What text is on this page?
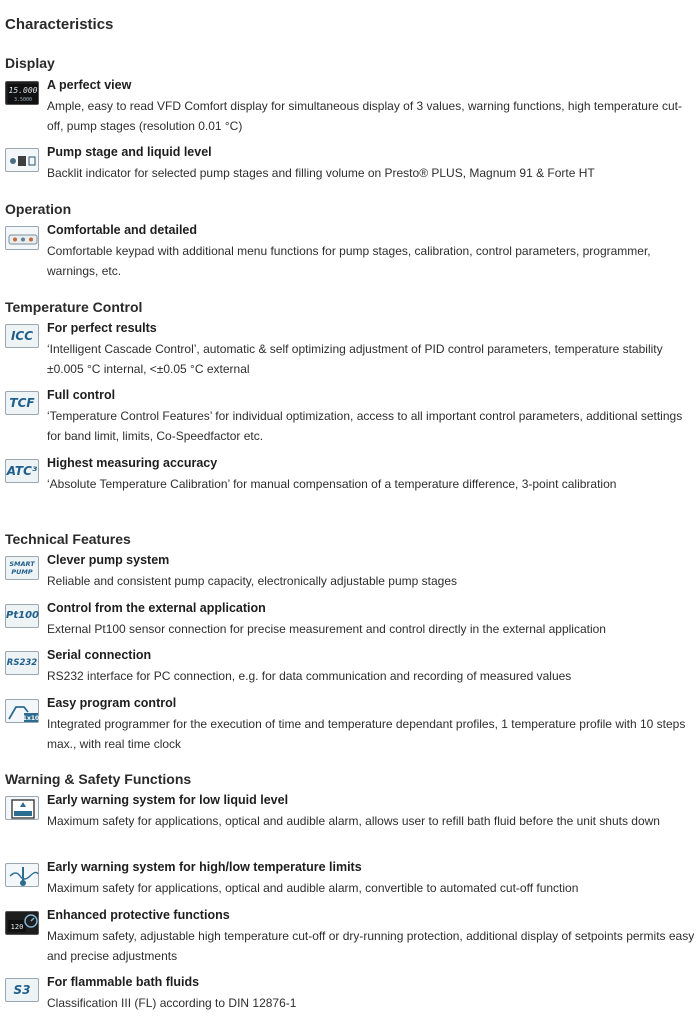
Characteristics
Display
15.000
3.5000
A perfect view
Ample, easy to read VFD Comfort display for simultaneous display of 3 values, warning functions, high temperature cut-off, pump stages (resolution 0.01 °C)
Pump stage and liquid level
Backlit indicator for selected pump stages and filling volume on Presto® PLUS, Magnum 91 & Forte HT
Operation
Comfortable and detailed
Comfortable keypad with additional menu functions for pump stages, calibration, control parameters, programmer, warnings, etc.
Temperature Control
ICC
For perfect results
‘Intelligent Cascade Control’, automatic & self optimizing adjustment of PID control parameters, temperature stability ±0.005 °C internal, <±0.05 °C external
TCF
Full control
‘Temperature Control Features’ for individual optimization, access to all important control parameters, additional settings for band limit, limits, Co-Speedfactor etc.
ATC³
Highest measuring accuracy
‘Absolute Temperature Calibration’ for manual compensation of a temperature difference, 3-point calibration
Technical Features
SMART PUMP
Clever pump system
Reliable and consistent pump capacity, electronically adjustable pump stages
Pt100
Control from the external application
External Pt100 sensor connection for precise measurement and control directly in the external application
RS232
Serial connection
RS232 interface for PC connection, e.g. for data communication and recording of measured values
1x10
Easy program control
Integrated programmer for the execution of time and temperature dependant profiles, 1 temperature profile with 10 steps max., with real time clock
Warning & Safety Functions
Early warning system for low liquid level
Maximum safety for applications, optical and audible alarm, allows user to refill bath fluid before the unit shuts down
Early warning system for high/low temperature limits
Maximum safety for applications, optical and audible alarm, convertible to automated cut-off function
120
Enhanced protective functions
Maximum safety, adjustable high temperature cut-off or dry-running protection, additional display of setpoints permits easy and precise adjustments
S3
For flammable bath fluids
Classification III (FL) according to DIN 12876-1
